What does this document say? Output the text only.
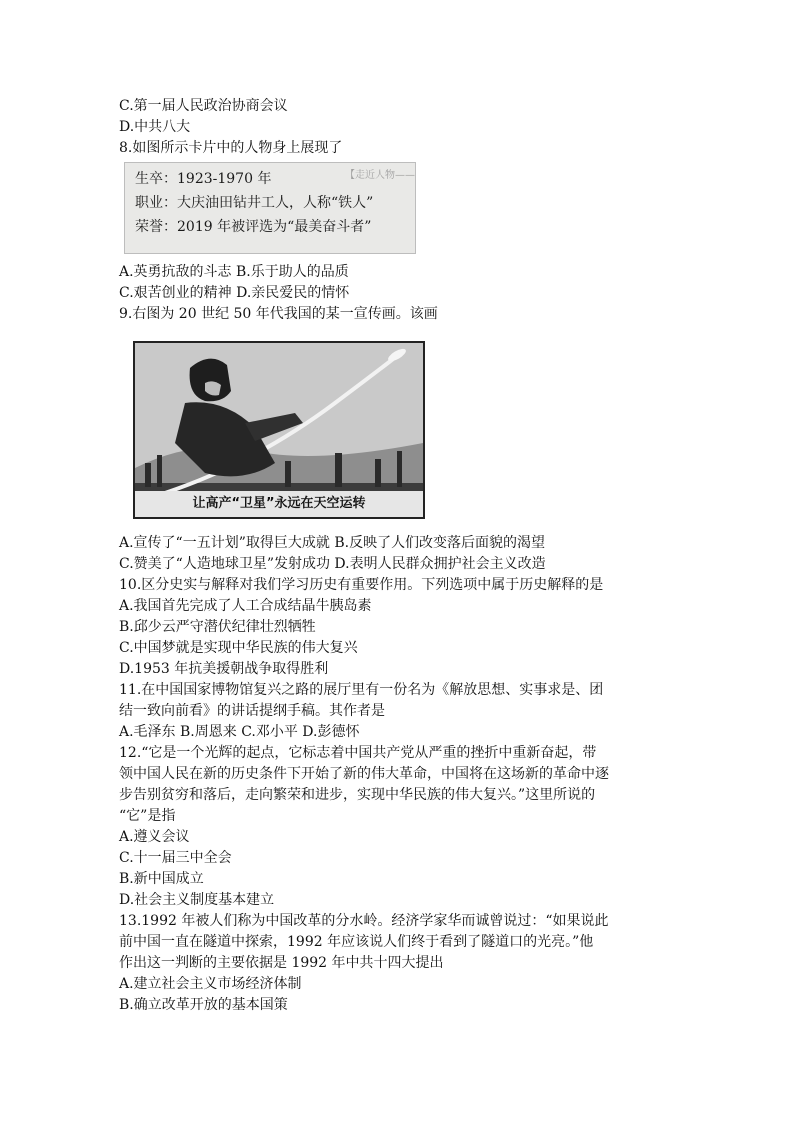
C.第一届人民政治协商会议
D.中共八大
8.如图所示卡片中的人物身上展现了
【走近人物——
生卒：1923-1970 年
职业：大庆油田钻井工人，人称“铁人”
荣誉：2019 年被评选为“最美奋斗者”
A.英勇抗敌的斗志 B.乐于助人的品质
C.艰苦创业的精神 D.亲民爱民的情怀
9.右图为 20 世纪 50 年代我国的某一宣传画。该画
让高产“卫星”永远在天空运转
A.宣传了“一五计划”取得巨大成就 B.反映了人们改变落后面貌的渴望
C.赞美了“人造地球卫星”发射成功 D.表明人民群众拥护社会主义改造
10.区分史实与解释对我们学习历史有重要作用。下列选项中属于历史解释的是
A.我国首先完成了人工合成结晶牛胰岛素
B.邱少云严守潜伏纪律壮烈牺牲
C.中国梦就是实现中华民族的伟大复兴
D.1953 年抗美援朝战争取得胜利
11.在中国国家博物馆复兴之路的展厅里有一份名为《解放思想、实事求是、团
结一致向前看》的讲话提纲手稿。其作者是
A.毛泽东 B.周恩来 C.邓小平 D.彭德怀
12.“它是一个光辉的起点，它标志着中国共产党从严重的挫折中重新奋起，带
领中国人民在新的历史条件下开始了新的伟大革命，中国将在这场新的革命中逐
步告别贫穷和落后，走向繁荣和进步，实现中华民族的伟大复兴。”这里所说的
“它”是指
A.遵义会议
C.十一届三中全会
B.新中国成立
D.社会主义制度基本建立
13.1992 年被人们称为中国改革的分水岭。经济学家华而诚曾说过：“如果说此
前中国一直在隧道中探索，1992 年应该说人们终于看到了隧道口的光亮。”他
作出这一判断的主要依据是 1992 年中共十四大提出
A.建立社会主义市场经济体制
B.确立改革开放的基本国策
